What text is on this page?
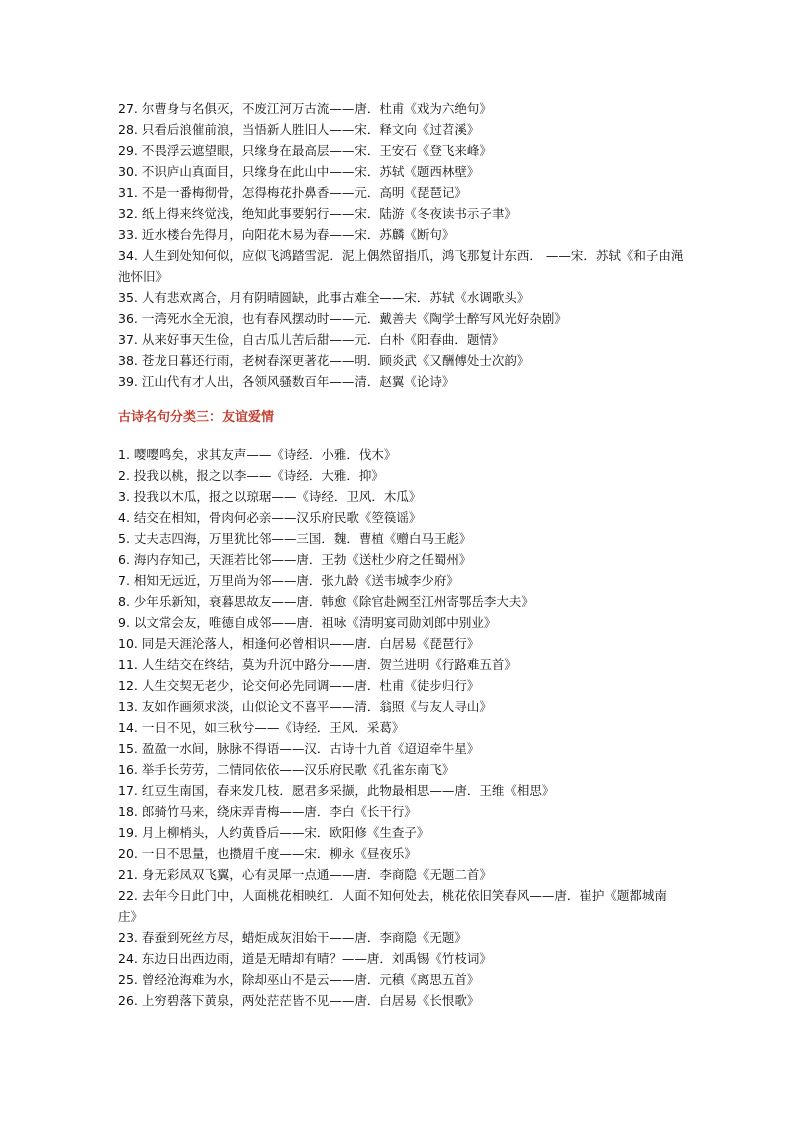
27. 尔曹身与名俱灭，不废江河万古流——唐．杜甫《戏为六绝句》
28. 只看后浪催前浪，当悟新人胜旧人——宋．释文向《过苕溪》
29. 不畏浮云遮望眼，只缘身在最高层——宋．王安石《登飞来峰》
30. 不识庐山真面目，只缘身在此山中——宋．苏轼《题西林壁》
31. 不是一番梅彻骨，怎得梅花扑鼻香——元．高明《琵琶记》
32. 纸上得来终觉浅，绝知此事要躬行——宋．陆游《冬夜读书示子聿》
33. 近水楼台先得月，向阳花木易为春——宋．苏麟《断句》
34. 人生到处知何似，应似飞鸿踏雪泥．泥上偶然留指爪，鸿飞那复计东西． ——宋．苏轼《和子由渑池怀旧》
35. 人有悲欢离合，月有阴晴圆缺，此事古难全——宋．苏轼《水调歌头》
36. 一湾死水全无浪，也有春风摆动时——元．戴善夫《陶学士醉写风光好杂剧》
37. 从来好事天生俭，自古瓜儿苦后甜——元．白朴《阳春曲．题情》
38. 苍龙日暮还行雨，老树春深更著花——明．顾炎武《又酬傅处士次韵》
39. 江山代有才人出，各领风骚数百年——清．赵翼《论诗》
古诗名句分类三：友谊爱情
1. 嘤嘤鸣矣，求其友声——《诗经．小雅．伐木》
2. 投我以桃，报之以李——《诗经．大雅．抑》
3. 投我以木瓜，报之以琼琚——《诗经．卫风．木瓜》
4. 结交在相知，骨肉何必亲——汉乐府民歌《箜篌谣》
5. 丈夫志四海，万里犹比邻——三国．魏．曹植《赠白马王彪》
6. 海内存知己，天涯若比邻——唐．王勃《送杜少府之任蜀州》
7. 相知无远近，万里尚为邻——唐．张九龄《送韦城李少府》
8. 少年乐新知，衰暮思故友——唐．韩愈《除官赴阙至江州寄鄂岳李大夫》
9. 以文常会友，唯德自成邻——唐．祖咏《清明宴司勋刘郎中别业》
10. 同是天涯沦落人，相逢何必曾相识——唐．白居易《琵琶行》
11. 人生结交在终结，莫为升沉中路分——唐．贺兰进明《行路难五首》
12. 人生交契无老少，论交何必先同调——唐．杜甫《徒步归行》
13. 友如作画须求淡，山似论文不喜平——清．翁照《与友人寻山》
14. 一日不见，如三秋兮——《诗经．王风．采葛》
15. 盈盈一水间，脉脉不得语——汉．古诗十九首《迢迢牵牛星》
16. 举手长劳劳，二情同依依——汉乐府民歌《孔雀东南飞》
17. 红豆生南国，春来发几枝．愿君多采撷，此物最相思——唐．王维《相思》
18. 郎骑竹马来，绕床弄青梅——唐．李白《长干行》
19. 月上柳梢头，人约黄昏后——宋．欧阳修《生查子》
20. 一日不思量，也攒眉千度——宋．柳永《昼夜乐》
21. 身无彩凤双飞翼，心有灵犀一点通——唐．李商隐《无题二首》
22. 去年今日此门中，人面桃花相映红．人面不知何处去，桃花依旧笑春风——唐．崔护《题都城南庄》
23. 春蚕到死丝方尽，蜡炬成灰泪始干——唐．李商隐《无题》
24. 东边日出西边雨，道是无晴却有晴？——唐．刘禹锡《竹枝词》
25. 曾经沧海难为水，除却巫山不是云——唐．元稹《离思五首》
26. 上穷碧落下黄泉，两处茫茫皆不见——唐．白居易《长恨歌》
